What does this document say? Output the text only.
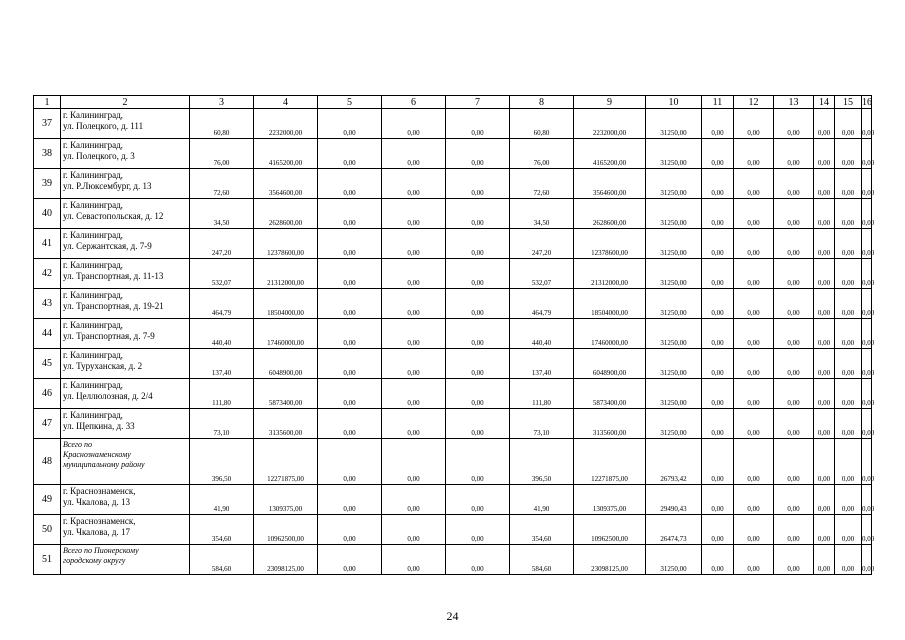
1	2	3	4	5	6	7	8	9	10	11	12	13	14	15	16
37	г. Калининград,
ул. Полецкого, д. 111	60,80	2232000,00	0,00	0,00	0,00	60,80	2232000,00	31250,00	0,00	0,00	0,00	0,00	0,00	0,00
38	г. Калининград,
ул. Полецкого, д. 3	76,00	4165200,00	0,00	0,00	0,00	76,00	4165200,00	31250,00	0,00	0,00	0,00	0,00	0,00	0,00
39	г. Калининград,
ул. Р.Люксембург, д. 13	72,60	3564600,00	0,00	0,00	0,00	72,60	3564600,00	31250,00	0,00	0,00	0,00	0,00	0,00	0,00
40	г. Калининград,
ул. Севастопольская, д. 12	34,50	2628600,00	0,00	0,00	0,00	34,50	2628600,00	31250,00	0,00	0,00	0,00	0,00	0,00	0,00
41	г. Калининград,
ул. Сержантская, д. 7-9	247,20	12378600,00	0,00	0,00	0,00	247,20	12378600,00	31250,00	0,00	0,00	0,00	0,00	0,00	0,00
42	г. Калининград,
ул. Транспортная, д. 11-13	532,07	21312000,00	0,00	0,00	0,00	532,07	21312000,00	31250,00	0,00	0,00	0,00	0,00	0,00	0,00
43	г. Калининград,
ул. Транспортная, д. 19-21	464,79	18504000,00	0,00	0,00	0,00	464,79	18504000,00	31250,00	0,00	0,00	0,00	0,00	0,00	0,00
44	г. Калининград,
ул. Транспортная, д. 7-9	440,40	17460000,00	0,00	0,00	0,00	440,40	17460000,00	31250,00	0,00	0,00	0,00	0,00	0,00	0,00
45	г. Калининград,
ул. Туруханская, д. 2	137,40	6048900,00	0,00	0,00	0,00	137,40	6048900,00	31250,00	0,00	0,00	0,00	0,00	0,00	0,00
46	г. Калининград,
ул. Целлюлозная, д. 2/4	111,80	5873400,00	0,00	0,00	0,00	111,80	5873400,00	31250,00	0,00	0,00	0,00	0,00	0,00	0,00
47	г. Калининград,
ул. Щепкина, д. 33	73,10	3135600,00	0,00	0,00	0,00	73,10	3135600,00	31250,00	0,00	0,00	0,00	0,00	0,00	0,00
48	Всего по
Краснознаменскому
муниципальному району	396,50	12271875,00	0,00	0,00	0,00	396,50	12271875,00	26793,42	0,00	0,00	0,00	0,00	0,00	0,00
49	г. Краснознаменск,
ул. Чкалова, д. 13	41,90	1309375,00	0,00	0,00	0,00	41,90	1309375,00	29490,43	0,00	0,00	0,00	0,00	0,00	0,00
50	г. Краснознаменск,
ул. Чкалова, д. 17	354,60	10962500,00	0,00	0,00	0,00	354,60	10962500,00	26474,73	0,00	0,00	0,00	0,00	0,00	0,00
51	Всего по Пионерскому
городскому округу	584,60	23098125,00	0,00	0,00	0,00	584,60	23098125,00	31250,00	0,00	0,00	0,00	0,00	0,00	0,00
24
